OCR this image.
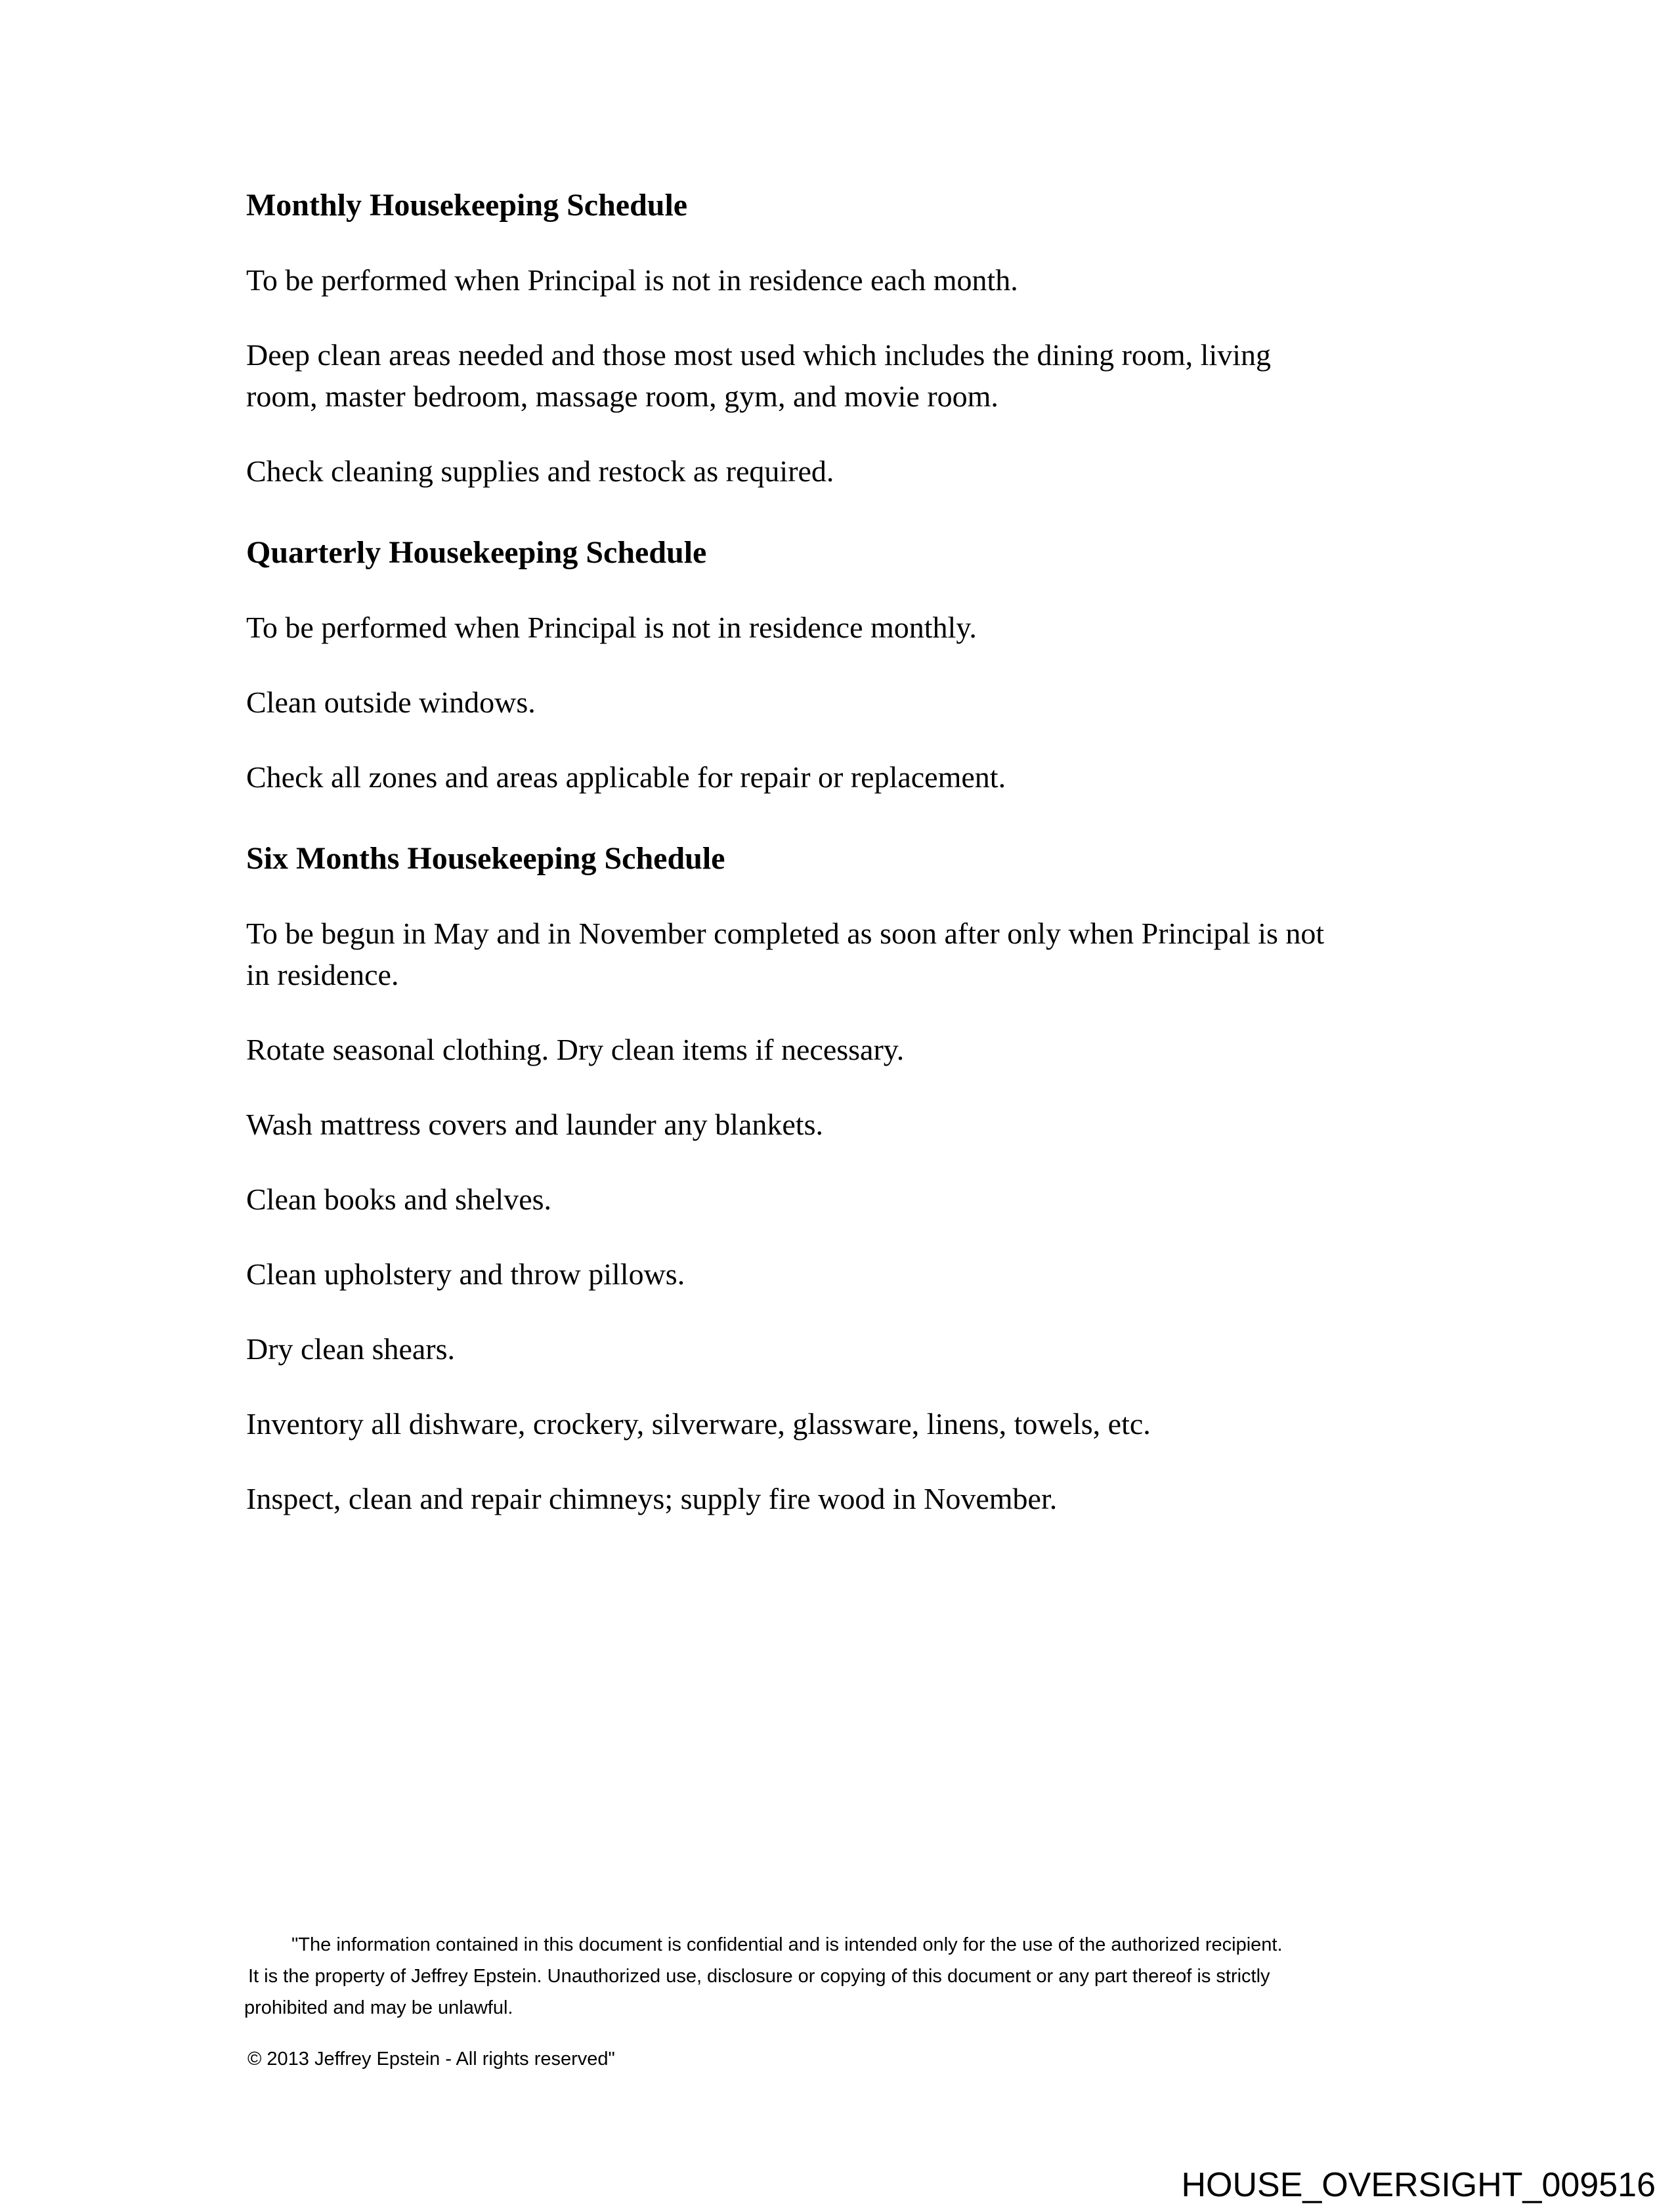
Monthly Housekeeping Schedule
To be performed when Principal is not in residence each month.
Deep clean areas needed and those most used which includes the dining room, living
room, master bedroom, massage room, gym, and movie room.
Check cleaning supplies and restock as required.
Quarterly Housekeeping Schedule
To be performed when Principal is not in residence monthly.
Clean outside windows.
Check all zones and areas applicable for repair or replacement.
Six Months Housekeeping Schedule
To be begun in May and in November completed as soon after only when Principal is not
in residence.
Rotate seasonal clothing. Dry clean items if necessary.
Wash mattress covers and launder any blankets.
Clean books and shelves.
Clean upholstery and throw pillows.
Dry clean shears.
Inventory all dishware, crockery, silverware, glassware, linens, towels, etc.
Inspect, clean and repair chimneys; supply fire wood in November.
"The information contained in this document is confidential and is intended only for the use of the authorized recipient.
It is the property of Jeffrey Epstein. Unauthorized use, disclosure or copying of this document or any part thereof is strictly
prohibited and may be unlawful.
© 2013 Jeffrey Epstein - All rights reserved"
HOUSE_OVERSIGHT_009516
